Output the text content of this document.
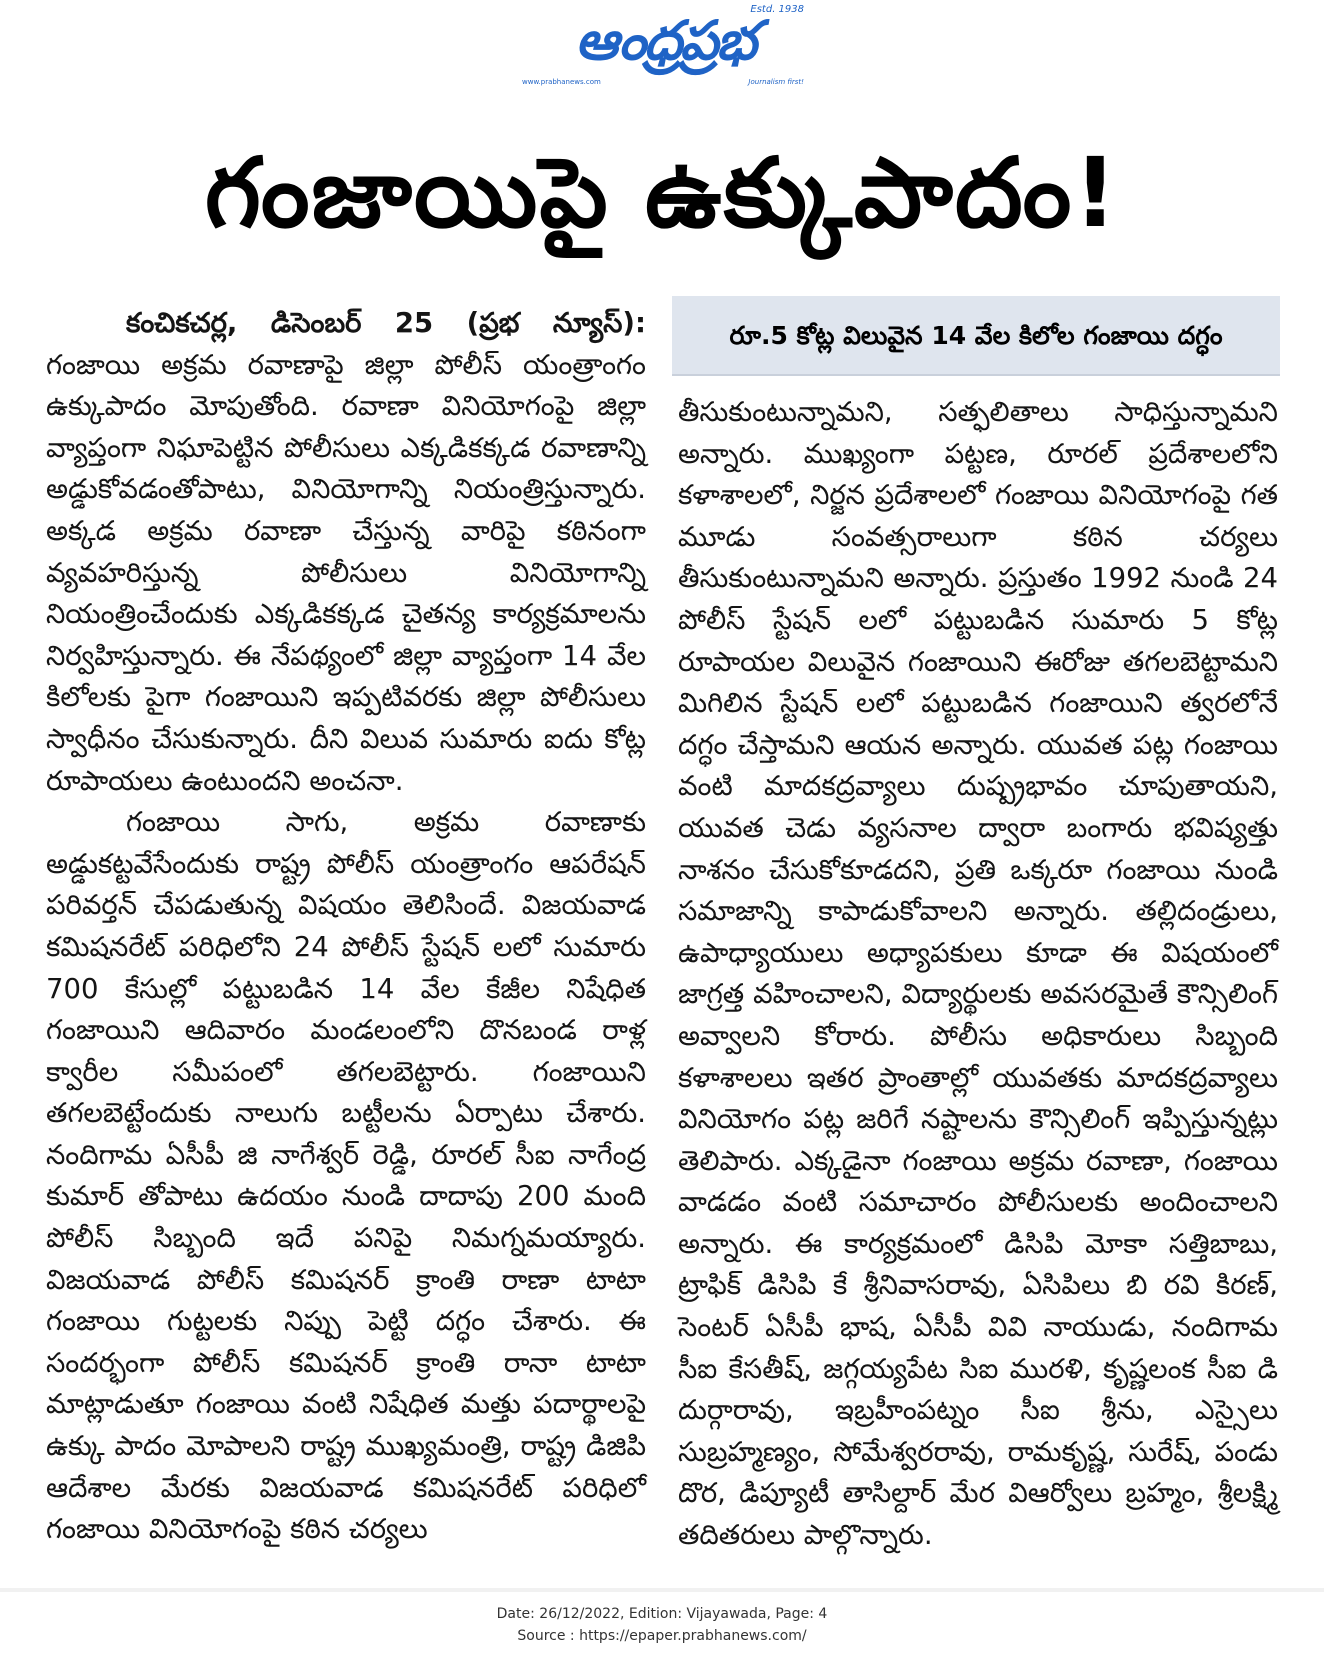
ఆంధ్రప్రభ
Estd. 1938
www.prabhanews.com	Journalism first!
గంజాయిపై ఉక్కుపాదం!
రూ.5 కోట్ల విలువైన 14 వేల కిలోల గంజాయి దగ్ధం

కంచికచర్ల, డిసెంబర్ 25 (ప్రభ న్యూస్): గంజాయి అక్రమ రవాణాపై జిల్లా పోలీస్ యంత్రాంగం ఉక్కుపాదం మోపుతోంది. రవాణా వినియోగంపై జిల్లా వ్యాప్తంగా నిఘాపెట్టిన పోలీసులు ఎక్కడికక్కడ రవాణాన్ని అడ్డుకోవడంతోపాటు, వినియోగాన్ని నియంత్రిస్తున్నారు. అక్కడ అక్రమ రవాణా చేస్తున్న వారిపై కఠినంగా వ్యవహరిస్తున్న పోలీసులు వినియోగాన్ని నియంత్రించేందుకు ఎక్కడికక్కడ చైతన్య కార్యక్రమాలను నిర్వహిస్తున్నారు. ఈ నేపథ్యంలో జిల్లా వ్యాప్తంగా 14 వేల కిలోలకు పైగా గంజాయిని ఇప్పటివరకు జిల్లా పోలీసులు స్వాధీనం చేసుకున్నారు. దీని విలువ సుమారు ఐదు కోట్ల రూపాయలు ఉంటుందని అంచనా.

గంజాయి సాగు, అక్రమ రవాణాకు అడ్డుకట్టవేసేందుకు రాష్ట్ర పోలీస్ యంత్రాంగం ఆపరేషన్ పరివర్తన్ చేపడుతున్న విషయం తెలిసిందే. విజయవాడ కమిషనరేట్ పరిధిలోని 24 పోలీస్ స్టేషన్ లలో సుమారు 700 కేసుల్లో పట్టుబడిన 14 వేల కేజీల నిషేధిత గంజాయిని ఆదివారం మండలంలోని దొనబండ రాళ్ల క్వారీల సమీపంలో తగలబెట్టారు. గంజాయిని తగలబెట్టేందుకు నాలుగు బట్టీలను ఏర్పాటు చేశారు. నందిగామ ఏసీపీ జి నాగేశ్వర్ రెడ్డి, రూరల్ సీఐ నాగేంద్ర కుమార్ తోపాటు ఉదయం నుండి దాదాపు 200 మంది పోలీస్ సిబ్బంది ఇదే పనిపై నిమగ్నమయ్యారు. విజయవాడ పోలీస్ కమిషనర్ క్రాంతి రాణా టాటా గంజాయి గుట్టలకు నిప్పు పెట్టి దగ్ధం చేశారు. ఈ సందర్భంగా పోలీస్ కమిషనర్ క్రాంతి రానా టాటా మాట్లాడుతూ గంజాయి వంటి నిషేధిత మత్తు పదార్థాలపై ఉక్కు పాదం మోపాలని రాష్ట్ర ముఖ్యమంత్రి, రాష్ట్ర డిజిపి ఆదేశాల మేరకు విజయవాడ కమిషనరేట్ పరిధిలో గంజాయి వినియోగంపై కఠిన చర్యలు

తీసుకుంటున్నామని, సత్ఫలితాలు సాధిస్తున్నామని అన్నారు. ముఖ్యంగా పట్టణ, రూరల్ ప్రదేశాలలోని కళాశాలలో, నిర్జన ప్రదేశాలలో గంజాయి వినియోగంపై గత మూడు సంవత్సరాలుగా కఠిన చర్యలు తీసుకుంటున్నామని అన్నారు. ప్రస్తుతం 1992 నుండి 24 పోలీస్ స్టేషన్ లలో పట్టుబడిన సుమారు 5 కోట్ల రూపాయల విలువైన గంజాయిని ఈరోజు తగలబెట్టామని మిగిలిన స్టేషన్ లలో పట్టుబడిన గంజాయిని త్వరలోనే దగ్ధం చేస్తామని ఆయన అన్నారు. యువత పట్ల గంజాయి వంటి మాదకద్రవ్యాలు దుష్ప్రభావం చూపుతాయని, యువత చెడు వ్యసనాల ద్వారా బంగారు భవిష్యత్తు నాశనం చేసుకోకూడదని, ప్రతి ఒక్కరూ గంజాయి నుండి సమాజాన్ని కాపాడుకోవాలని అన్నారు. తల్లిదండ్రులు, ఉపాధ్యాయులు అధ్యాపకులు కూడా ఈ విషయంలో జాగ్రత్త వహించాలని, విద్యార్థులకు అవసరమైతే కౌన్సిలింగ్ అవ్వాలని కోరారు. పోలీసు అధికారులు సిబ్బంది కళాశాలలు ఇతర ప్రాంతాల్లో యువతకు మాదకద్రవ్యాలు వినియోగం పట్ల జరిగే నష్టాలను కౌన్సిలింగ్ ఇప్పిస్తున్నట్లు తెలిపారు. ఎక్కడైనా గంజాయి అక్రమ రవాణా, గంజాయి వాడడం వంటి సమాచారం పోలీసులకు అందించాలని అన్నారు. ఈ కార్యక్రమంలో డిసిపి మోకా సత్తిబాబు, ట్రాఫిక్ డిసిపి కే శ్రీనివాసరావు, ఏసిపిలు బి రవి కిరణ్, సెంటర్ ఏసీపీ భాష, ఏసీపీ వివి నాయుడు, నందిగామ సీఐ కేసతీష్, జగ్గయ్యపేట సిఐ మురళి, కృష్ణలంక సీఐ డి దుర్గారావు, ఇబ్రహీంపట్నం సీఐ శ్రీను, ఎస్సైలు సుబ్రహ్మణ్యం, సోమేశ్వరరావు, రామకృష్ణ, సురేష్, పండు దొర, డిప్యూటీ తాసిల్దార్ మేర విఆర్వోలు బ్రహ్మం, శ్రీలక్ష్మి తదితరులు పాల్గొన్నారు.

Date: 26/12/2022, Edition: Vijayawada, Page: 4
Source : https://epaper.prabhanews.com/
